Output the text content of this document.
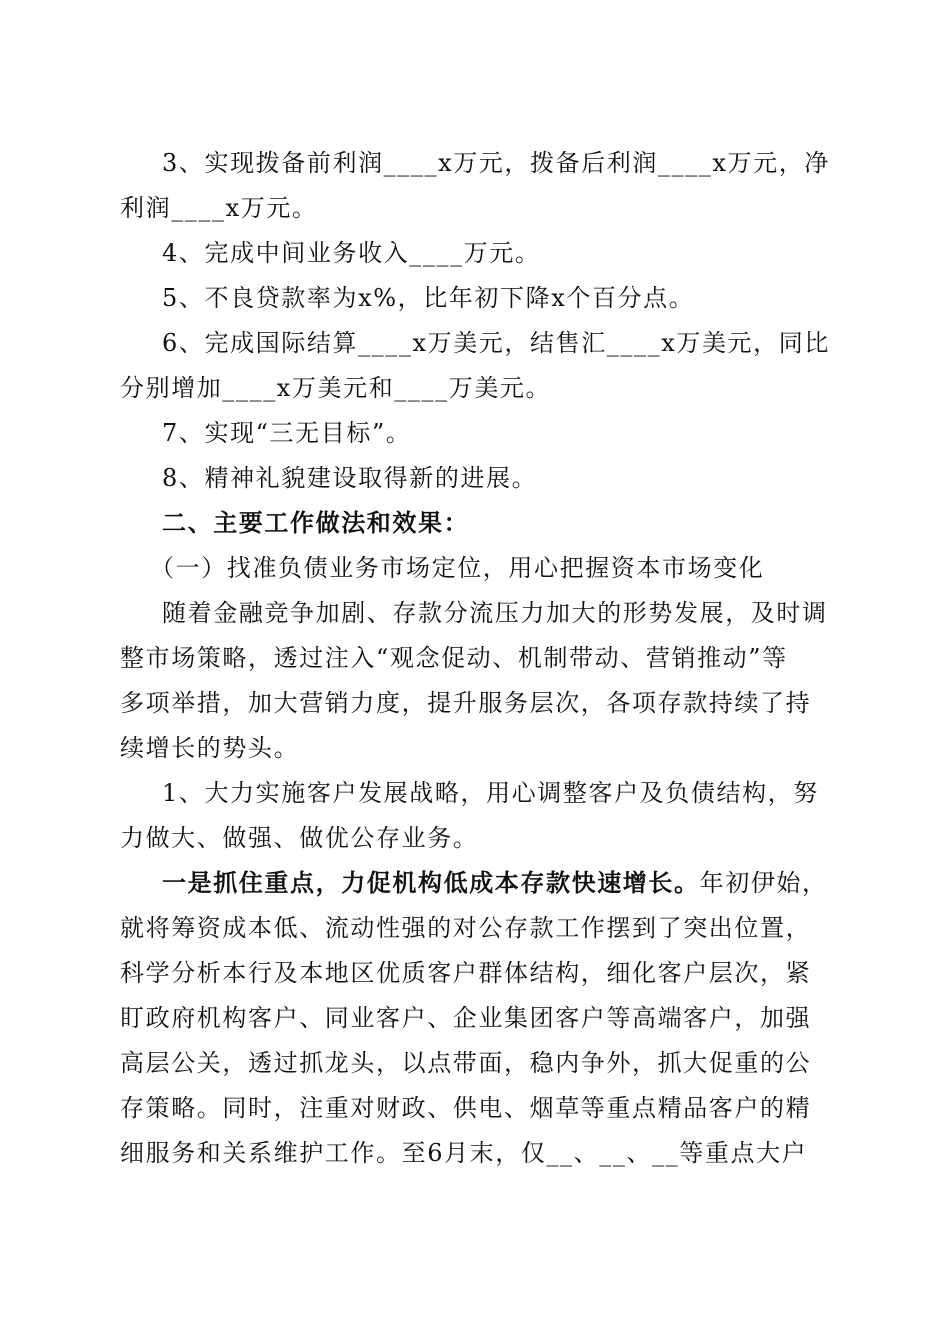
3、实现拨备前利润____x万元，拨备后利润____x万元，净
利润____x万元。
4、完成中间业务收入____万元。
5、不良贷款率为x%，比年初下降x个百分点。
6、完成国际结算____x万美元，结售汇____x万美元，同比
分别增加____x万美元和____万美元。
7、实现“三无目标”。
8、精神礼貌建设取得新的进展。
二、主要工作做法和效果：
（一）找准负债业务市场定位，用心把握资本市场变化
随着金融竞争加剧、存款分流压力加大的形势发展，及时调
整市场策略，透过注入“观念促动、机制带动、营销推动”等
多项举措，加大营销力度，提升服务层次，各项存款持续了持
续增长的势头。
1、大力实施客户发展战略，用心调整客户及负债结构，努
力做大、做强、做优公存业务。
一是抓住重点，力促机构低成本存款快速增长。年初伊始，
就将筹资成本低、流动性强的对公存款工作摆到了突出位置，
科学分析本行及本地区优质客户群体结构，细化客户层次，紧
盯政府机构客户、同业客户、企业集团客户等高端客户，加强
高层公关，透过抓龙头，以点带面，稳内争外，抓大促重的公
存策略。同时，注重对财政、供电、烟草等重点精品客户的精
细服务和关系维护工作。至6月末，仅__、__、__等重点大户
